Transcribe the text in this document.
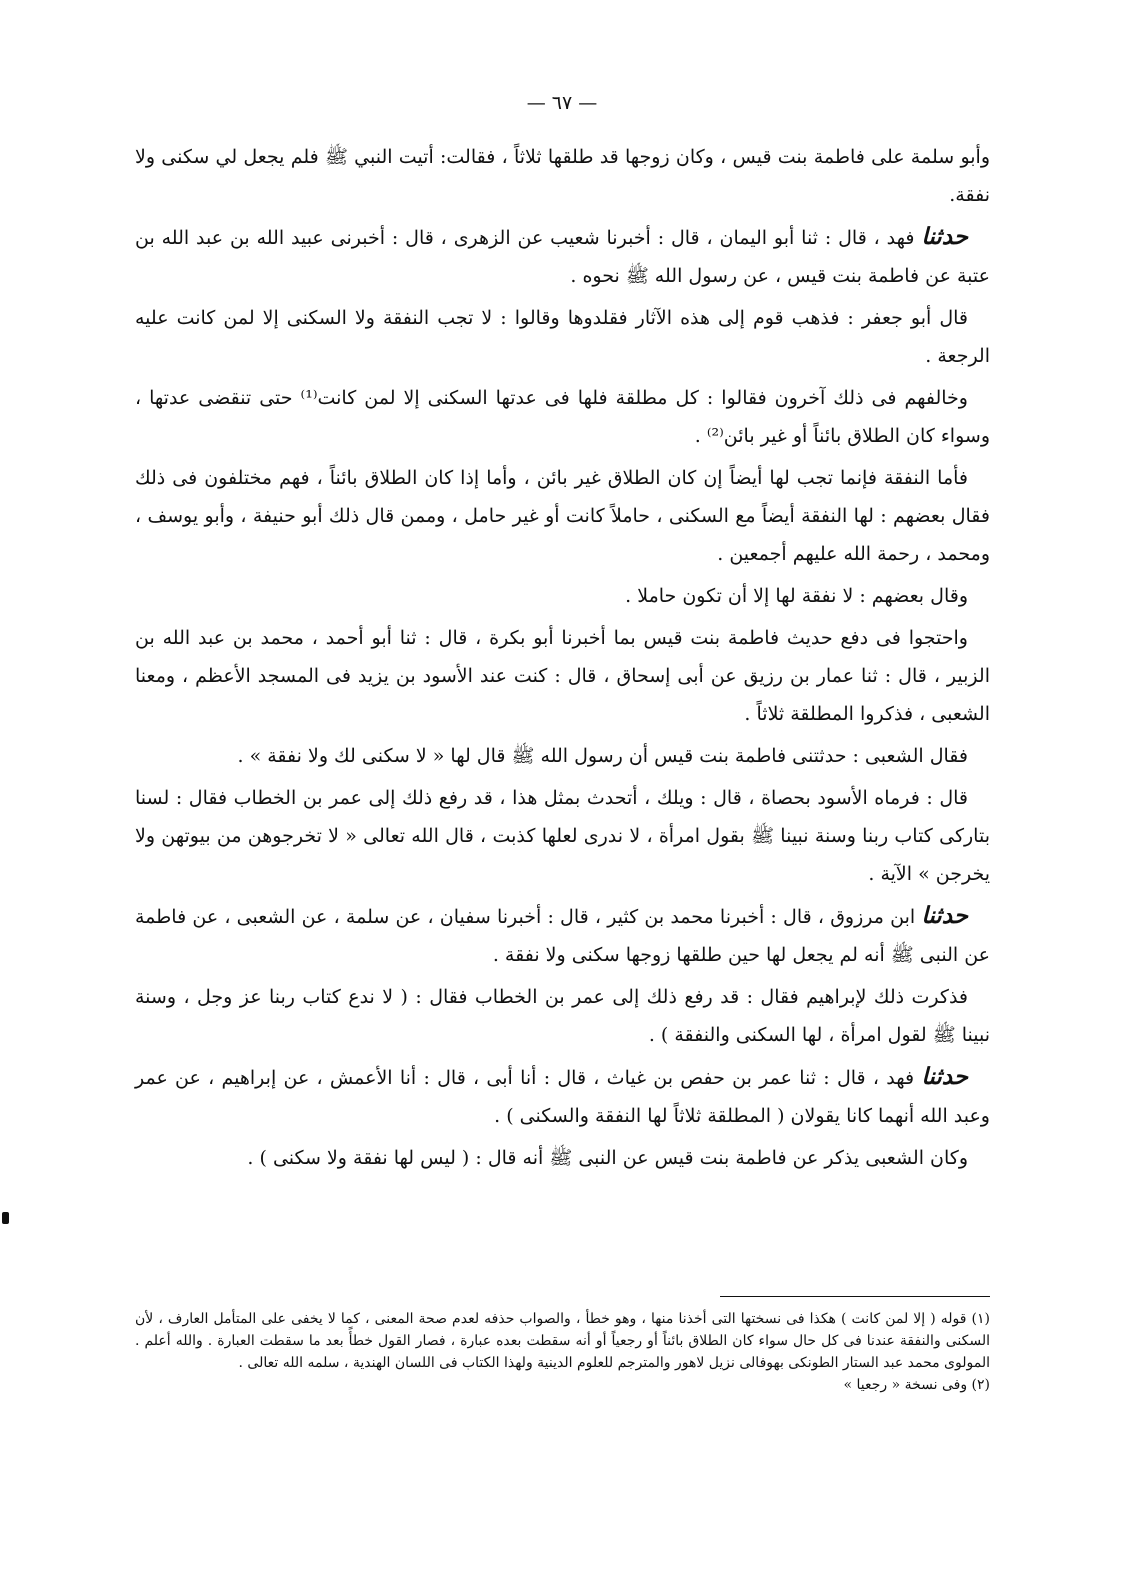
— ٦٧ —

وأبو سلمة على فاطمة بنت قيس ، وكان زوجها قد طلقها ثلاثاً ، فقالت: أتيت النبي ﷺ فلم يجعل لي سكنى ولا نفقة.

حدثنا فهد ، قال : ثنا أبو اليمان ، قال : أخبرنا شعيب عن الزهرى ، قال : أخبرنى عبيد الله بن عبد الله بن عتبة عن فاطمة بنت قيس ، عن رسول الله ﷺ نحوه .

قال أبو جعفر : فذهب قوم إلى هذه الآثار فقلدوها وقالوا : لا تجب النفقة ولا السكنى إلا لمن كانت عليه الرجعة .

وخالفهم فى ذلك آخرون فقالوا : كل مطلقة فلها فى عدتها السكنى إلا لمن كانت⁽¹⁾ حتى تنقضى عدتها ، وسواء كان الطلاق بائناً أو غير بائن⁽²⁾ .

فأما النفقة فإنما تجب لها أيضاً إن كان الطلاق غير بائن ، وأما إذا كان الطلاق بائناً ، فهم مختلفون فى ذلك فقال بعضهم : لها النفقة أيضاً مع السكنى ، حاملاً كانت أو غير حامل ، وممن قال ذلك أبو حنيفة ، وأبو يوسف ، ومحمد ، رحمة الله عليهم أجمعين .

وقال بعضهم : لا نفقة لها إلا أن تكون حاملا .

واحتجوا فى دفع حديث فاطمة بنت قيس بما أخبرنا أبو بكرة ، قال : ثنا أبو أحمد ، محمد بن عبد الله بن الزبير ، قال : ثنا عمار بن رزيق عن أبى إسحاق ، قال : كنت عند الأسود بن يزيد فى المسجد الأعظم ، ومعنا الشعبى ، فذكروا المطلقة ثلاثاً .

فقال الشعبى : حدثتنى فاطمة بنت قيس أن رسول الله ﷺ قال لها « لا سكنى لك ولا نفقة » .

قال : فرماه الأسود بحصاة ، قال : ويلك ، أتحدث بمثل هذا ، قد رفع ذلك إلى عمر بن الخطاب فقال : لسنا بتاركى كتاب ربنا وسنة نبينا ﷺ بقول امرأة ، لا ندرى لعلها كذبت ، قال الله تعالى « لا تخرجوهن من بيوتهن ولا يخرجن » الآية .

حدثنا ابن مرزوق ، قال : أخبرنا محمد بن كثير ، قال : أخبرنا سفيان ، عن سلمة ، عن الشعبى ، عن فاطمة عن النبى ﷺ أنه لم يجعل لها حين طلقها زوجها سكنى ولا نفقة .

فذكرت ذلك لإبراهيم فقال : قد رفع ذلك إلى عمر بن الخطاب فقال : ( لا ندع كتاب ربنا عز وجل ، وسنة نبينا ﷺ لقول امرأة ، لها السكنى والنفقة ) .

حدثنا فهد ، قال : ثنا عمر بن حفص بن غياث ، قال : أنا أبى ، قال : أنا الأعمش ، عن إبراهيم ، عن عمر وعبد الله أنهما كانا يقولان ( المطلقة ثلاثاً لها النفقة والسكنى ) .

وكان الشعبى يذكر عن فاطمة بنت قيس عن النبى ﷺ أنه قال : ( ليس لها نفقة ولا سكنى ) .

(١) قوله ( إلا لمن كانت ) هكذا فى نسختها التى أخذنا منها ، وهو خطأ ، والصواب حذفه لعدم صحة المعنى ، كما لا يخفى على المتأمل العارف ، لأن السكنى والنفقة عندنا فى كل حال سواء كان الطلاق بائناً أو رجعياً أو أنه سقطت بعده عبارة ، فصار القول خطأً بعد ما سقطت العبارة . والله أعلم . المولوى محمد عبد الستار الطونكى بهوفالى نزيل لاهور والمترجم للعلوم الدينية ولهذا الكتاب فى اللسان الهندية ، سلمه الله تعالى .

(٢) وفى نسخة « رجعيا »
